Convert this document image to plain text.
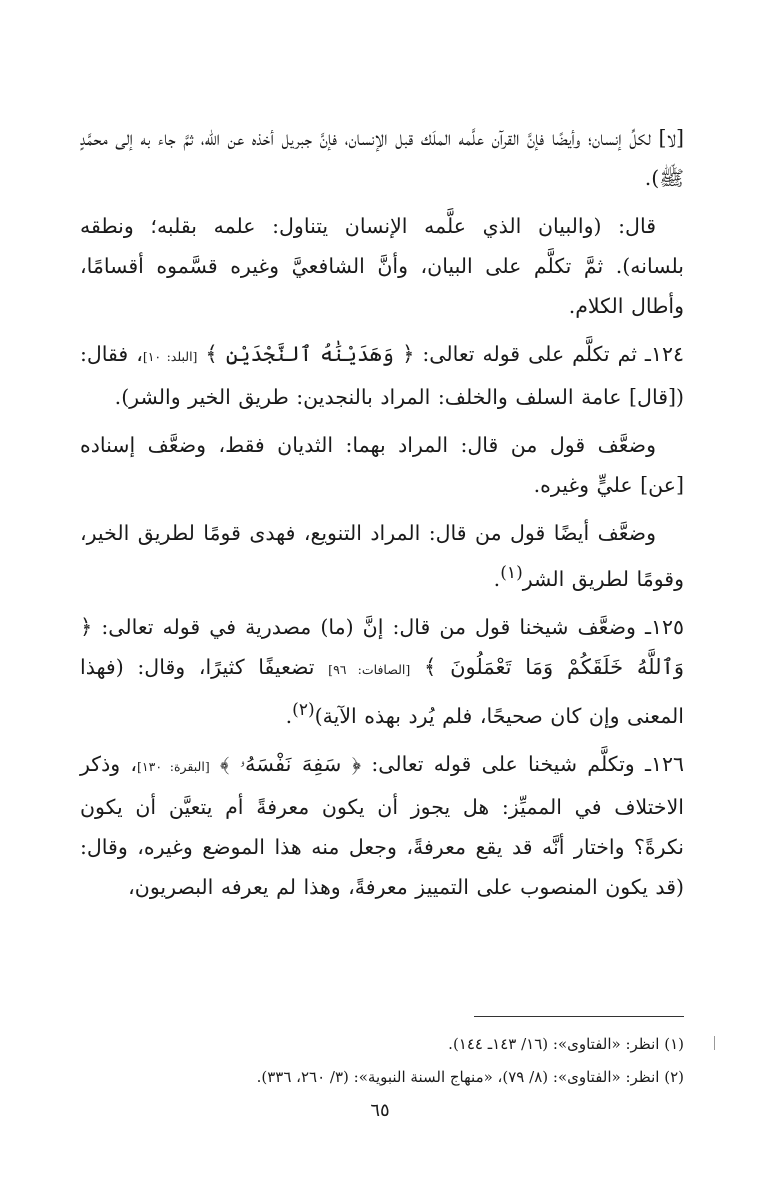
[لا] لكلِّ إنسان؛ وأيضًا فإنَّ القرآن علَّمه الملَك قبل الإنسان، فإنَّ جبريل أخذه عن الله، ثمَّ جاء به إلى محمَّدٍ ﷺ).

قال: (والبيان الذي علَّمه الإنسان يتناول: علمه بقلبه؛ ونطقه بلسانه). ثمَّ تكلَّم على البيان، وأنَّ الشافعيَّ وغيره قسَّموه أقسامًا، وأطال الكلام.

١٢٤ـ ثم تكلَّم على قوله تعالى: ﴿ وَهَدَيْنَٰهُ ٱلنَّجْدَيْنِ ﴾ [البلد: ١٠]، فقال: ([قال] عامة السلف والخلف: المراد بالنجدين: طريق الخير والشر).

وضعَّف قول من قال: المراد بهما: الثديان فقط، وضعَّف إسناده [عن] عليٍّ وغيره.

وضعَّف أيضًا قول من قال: المراد التنويع، فهدى قومًا لطريق الخير، وقومًا لطريق الشر$^{(١)}$.

١٢٥ـ وضعَّف شيخنا قول من قال: إنَّ (ما) مصدرية في قوله تعالى: ﴿ وَٱللَّهُ خَلَقَكُمْ وَمَا تَعْمَلُونَ ﴾ [الصافات: ٩٦] تضعيفًا كثيرًا، وقال: (فهذا المعنى وإن كان صحيحًا، فلم يُرد بهذه الآية)$^{(٢)}$.

١٢٦ـ وتكلَّم شيخنا على قوله تعالى: ﴿ سَفِهَ نَفْسَهُۥ ﴾ [البقرة: ١٣٠]، وذكر الاختلاف في المميِّز: هل يجوز أن يكون معرفةً أم يتعيَّن أن يكون نكرةً؟ واختار أنَّه قد يقع معرفةً، وجعل منه هذا الموضع وغيره، وقال: (قد يكون المنصوب على التمييز معرفةً، وهذا لم يعرفه البصريون،

(١) انظر: «الفتاوى»: (١٦/ ١٤٣ـ ١٤٤).

(٢) انظر: «الفتاوى»: (٨/ ٧٩)، «منهاج السنة النبوية»: (٣/ ٢٦٠، ٣٣٦).

٦٥
